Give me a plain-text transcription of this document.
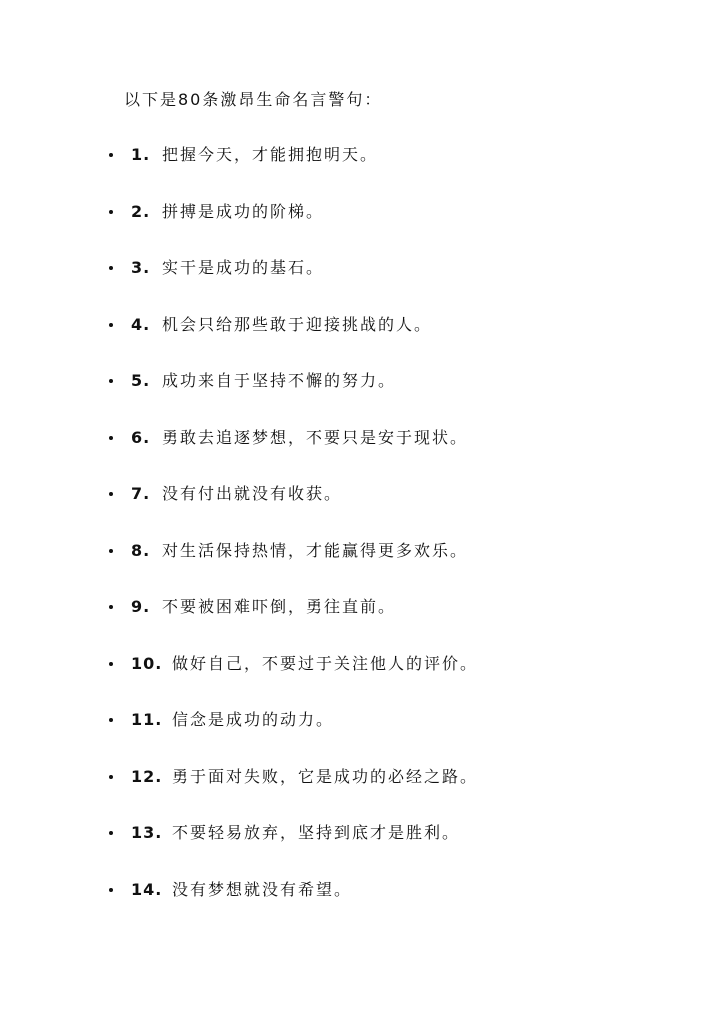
以下是80条激昂生命名言警句：
1. 把握今天，才能拥抱明天。
2. 拼搏是成功的阶梯。
3. 实干是成功的基石。
4. 机会只给那些敢于迎接挑战的人。
5. 成功来自于坚持不懈的努力。
6. 勇敢去追逐梦想，不要只是安于现状。
7. 没有付出就没有收获。
8. 对生活保持热情，才能赢得更多欢乐。
9. 不要被困难吓倒，勇往直前。
10. 做好自己，不要过于关注他人的评价。
11. 信念是成功的动力。
12. 勇于面对失败，它是成功的必经之路。
13. 不要轻易放弃，坚持到底才是胜利。
14. 没有梦想就没有希望。
